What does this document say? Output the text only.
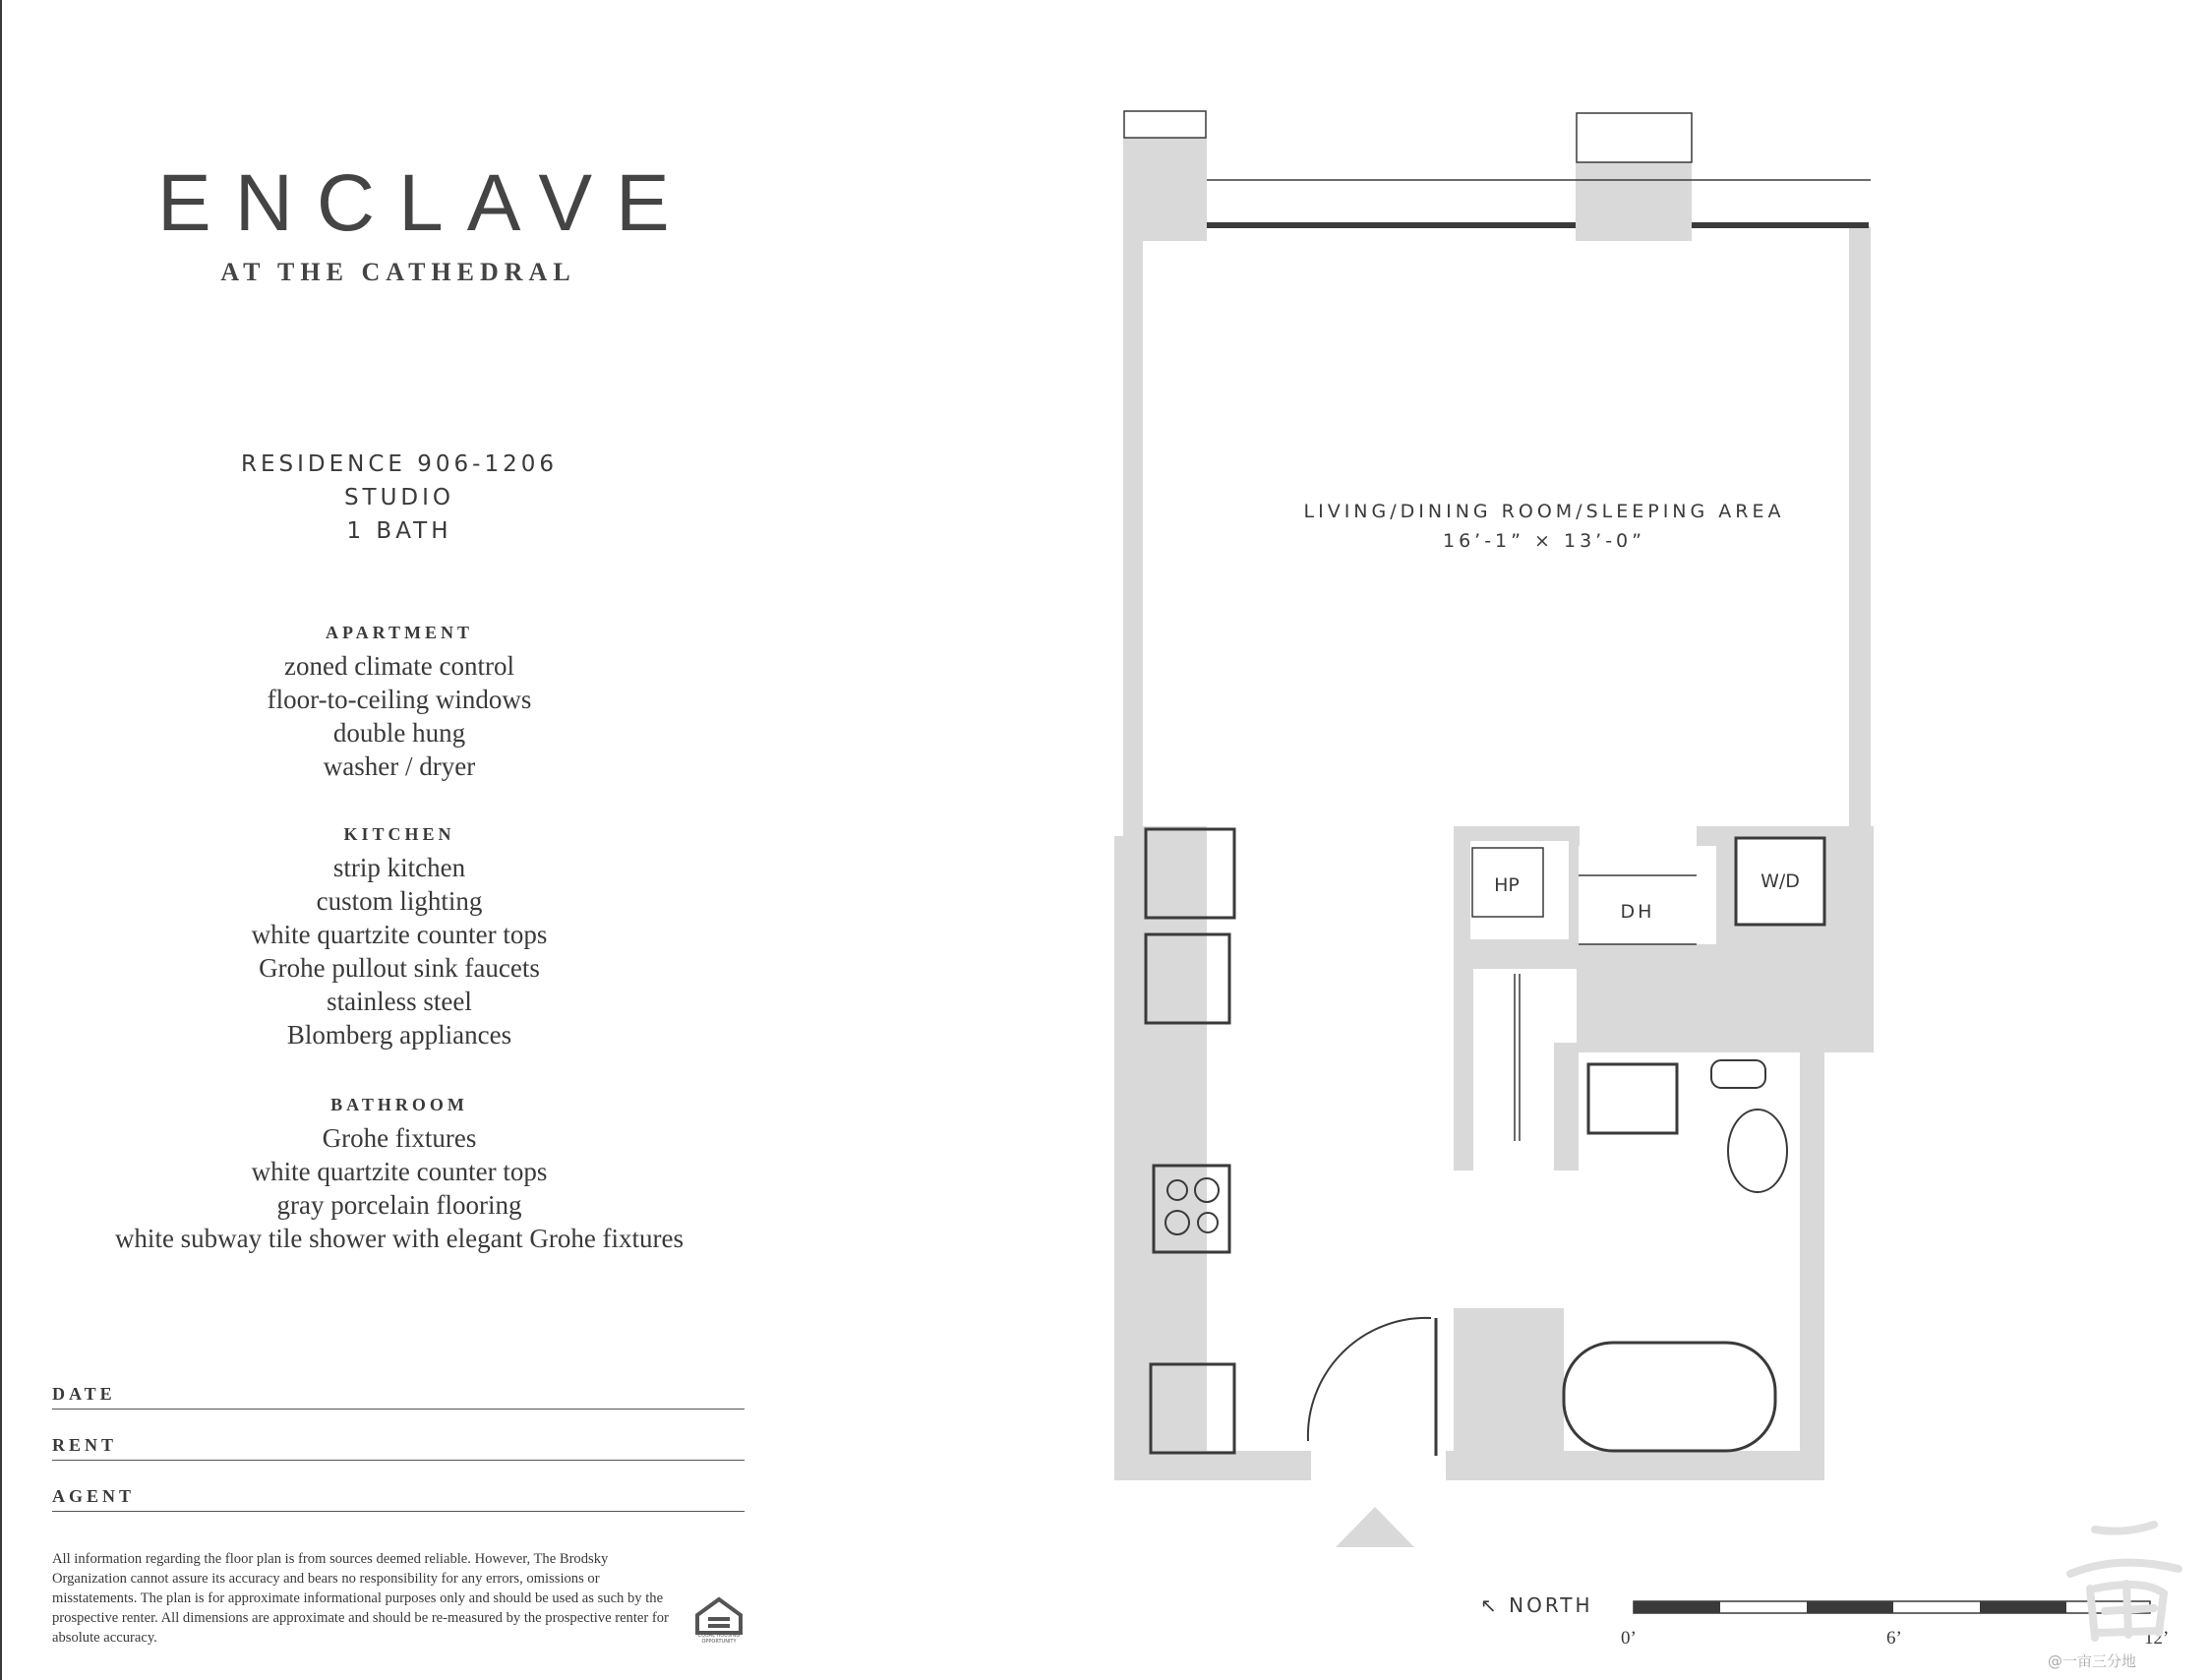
ENCLAVE
AT THE CATHEDRAL
RESIDENCE 906-1206
STUDIO
1 BATH
APARTMENT
zoned climate control
floor-to-ceiling windows
double hung
washer / dryer
KITCHEN
strip kitchen
custom lighting
white quartzite counter tops
Grohe pullout sink faucets
stainless steel
Blomberg appliances
BATHROOM
Grohe fixtures
white quartzite counter tops
gray porcelain flooring
white subway tile shower with elegant Grohe fixtures
DATE
RENT
AGENT
All information regarding the floor plan is from sources deemed reliable. However, The Brodsky Organization cannot assure its accuracy and bears no responsibility for any errors, omissions or misstatements. The plan is for approximate informational purposes only and should be used as such by the prospective renter. All dimensions are approximate and should be re-measured by the prospective renter for absolute accuracy.	EQUAL HOUSING OPPORTUNITY
HP
DH
W/D
LIVING/DINING ROOM/SLEEPING AREA
16’-1” × 13’-0”
↖ NORTH
0’	6’	12’
@一亩三分地
